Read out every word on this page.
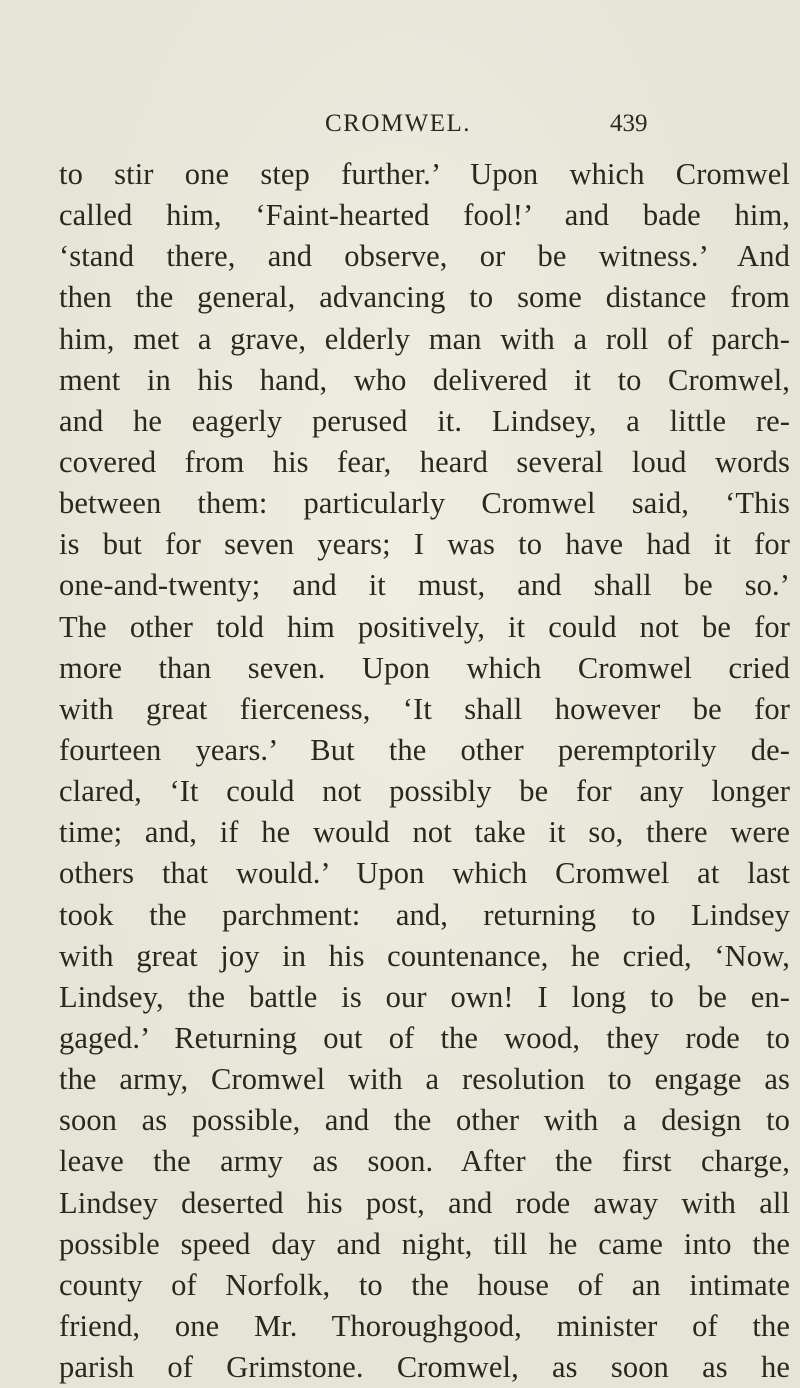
CROMWEL.	439
to stir one step further.’ Upon which Cromwel
called him, ‘Faint-hearted fool!’ and bade him,
‘stand there, and observe, or be witness.’ And
then the general, advancing to some distance from
him, met a grave, elderly man with a roll of parch-
ment in his hand, who delivered it to Cromwel,
and he eagerly perused it. Lindsey, a little re-
covered from his fear, heard several loud words
between them: particularly Cromwel said, ‘This
is but for seven years; I was to have had it for
one-and-twenty; and it must, and shall be so.’
The other told him positively, it could not be for
more than seven. Upon which Cromwel cried
with great fierceness, ‘It shall however be for
fourteen years.’ But the other peremptorily de-
clared, ‘It could not possibly be for any longer
time; and, if he would not take it so, there were
others that would.’ Upon which Cromwel at last
took the parchment: and, returning to Lindsey
with great joy in his countenance, he cried, ‘Now,
Lindsey, the battle is our own! I long to be en-
gaged.’ Returning out of the wood, they rode to
the army, Cromwel with a resolution to engage as
soon as possible, and the other with a design to
leave the army as soon. After the first charge,
Lindsey deserted his post, and rode away with all
possible speed day and night, till he came into the
county of Norfolk, to the house of an intimate
friend, one Mr. Thoroughgood, minister of the
parish of Grimstone. Cromwel, as soon as he
